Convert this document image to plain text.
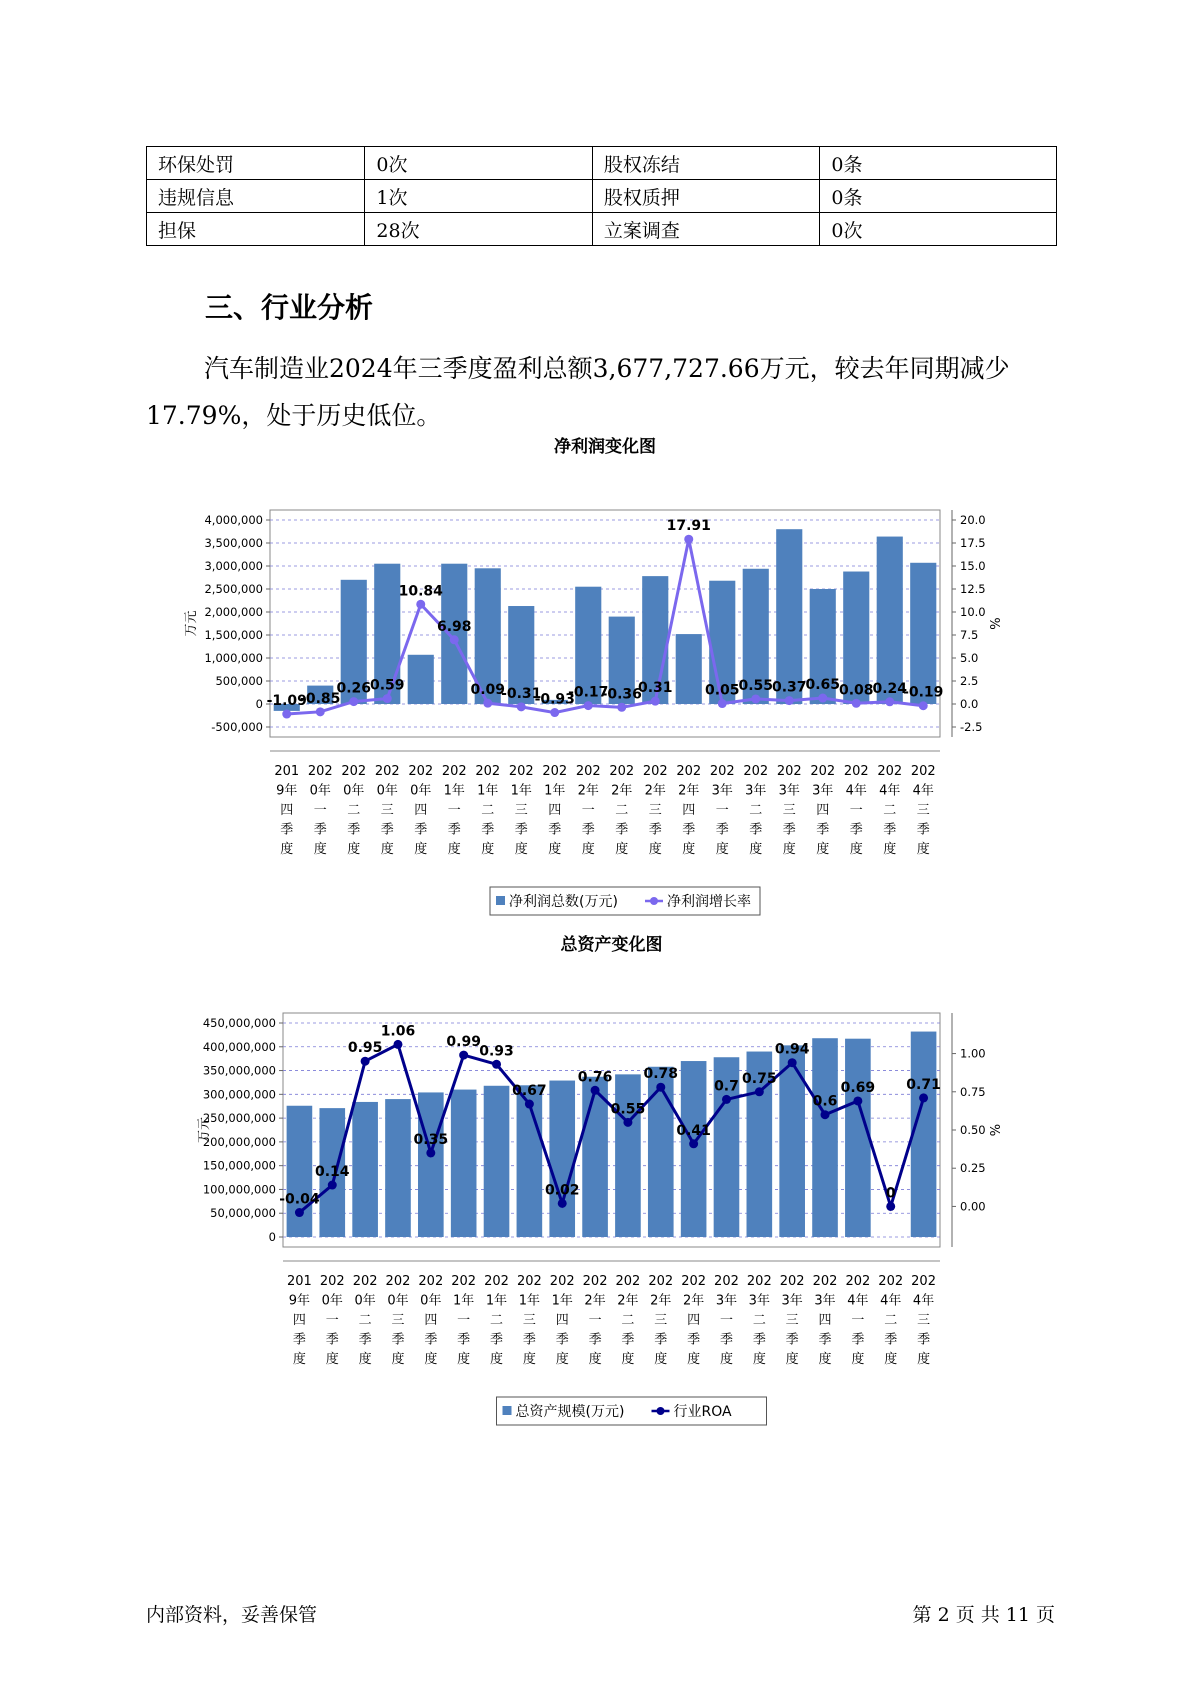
环保处罚	0次	股权冻结	0条
违规信息	1次	股权质押	0条
担保	28次	立案调查	0次
三、行业分析

汽车制造业2024年三季度盈利总额3,677,727.66万元，较去年同期减少17.79%，处于历史低位。

净利润变化图
4,000,000
3,500,000
3,000,000
2,500,000
2,000,000
1,500,000
1,000,000
500,000
0
-500,000
20.0
17.5
15.0
12.5
10.0
7.5
5.0
2.5
0.0
-2.5
万元	%
-1.09
-0.85
0.26
0.59
10.84
6.98
0.09
-0.31
-0.93
-0.17
-0.36
0.31
17.91
0.05
0.55
0.37
0.65
0.08
0.24
-0.19
201 9年四季度
202 0年一季度
202 0年二季度
202 0年三季度
202 0年四季度
202 1年一季度
202 1年二季度
202 1年三季度
202 1年四季度
202 2年一季度
202 2年二季度
202 2年三季度
202 2年四季度
202 3年一季度
202 3年二季度
202 3年三季度
202 3年四季度
202 4年一季度
202 4年二季度
202 4年三季度
净利润总数(万元)	净利润增长率
总资产变化图
450,000,000
400,000,000
350,000,000
300,000,000
250,000,000
200,000,000
150,000,000
100,000,000
50,000,000
0
1.00
0.75
0.50
0.25
0.00
万元	%
-0.04
0.14
0.95
1.06
0.35
0.99
0.93
0.67
0.02
0.76
0.55
0.78
0.41
0.7 0.75
0.94
0.6
0.69
0
0.71
201 9年四季度
202 0年一季度
202 0年二季度
202 0年三季度
202 0年四季度
202 1年一季度
202 1年二季度
202 1年三季度
202 1年四季度
202 2年一季度
202 2年二季度
202 2年三季度
202 2年四季度
202 3年一季度
202 3年二季度
202 3年三季度
202 3年四季度
202 4年一季度
202 4年二季度
202 4年三季度
总资产规模(万元)	行业ROA
内部资料，妥善保管	第 2 页 共 11 页
